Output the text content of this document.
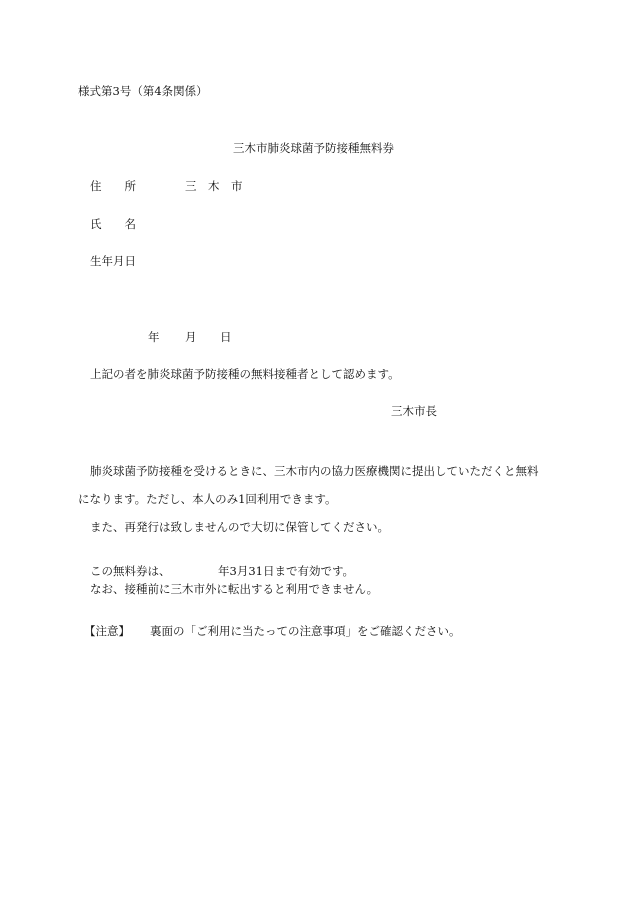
様式第3号（第4条関係）
三木市肺炎球菌予防接種無料券
住　　所	三　木　市
氏　　名
生年月日
年 月 日
上記の者を肺炎球菌予防接種の無料接種者として認めます。
三木市長
肺炎球菌予防接種を受けるときに、三木市内の協力医療機関に提出していただくと無料
になります。ただし、本人のみ1回利用できます。
また、再発行は致しませんので大切に保管してください。
この無料券は、	年3月31日まで有効です。
なお、接種前に三木市外に転出すると利用できません。
【注意】 裏面の「ご利用に当たっての注意事項」をご確認ください。
